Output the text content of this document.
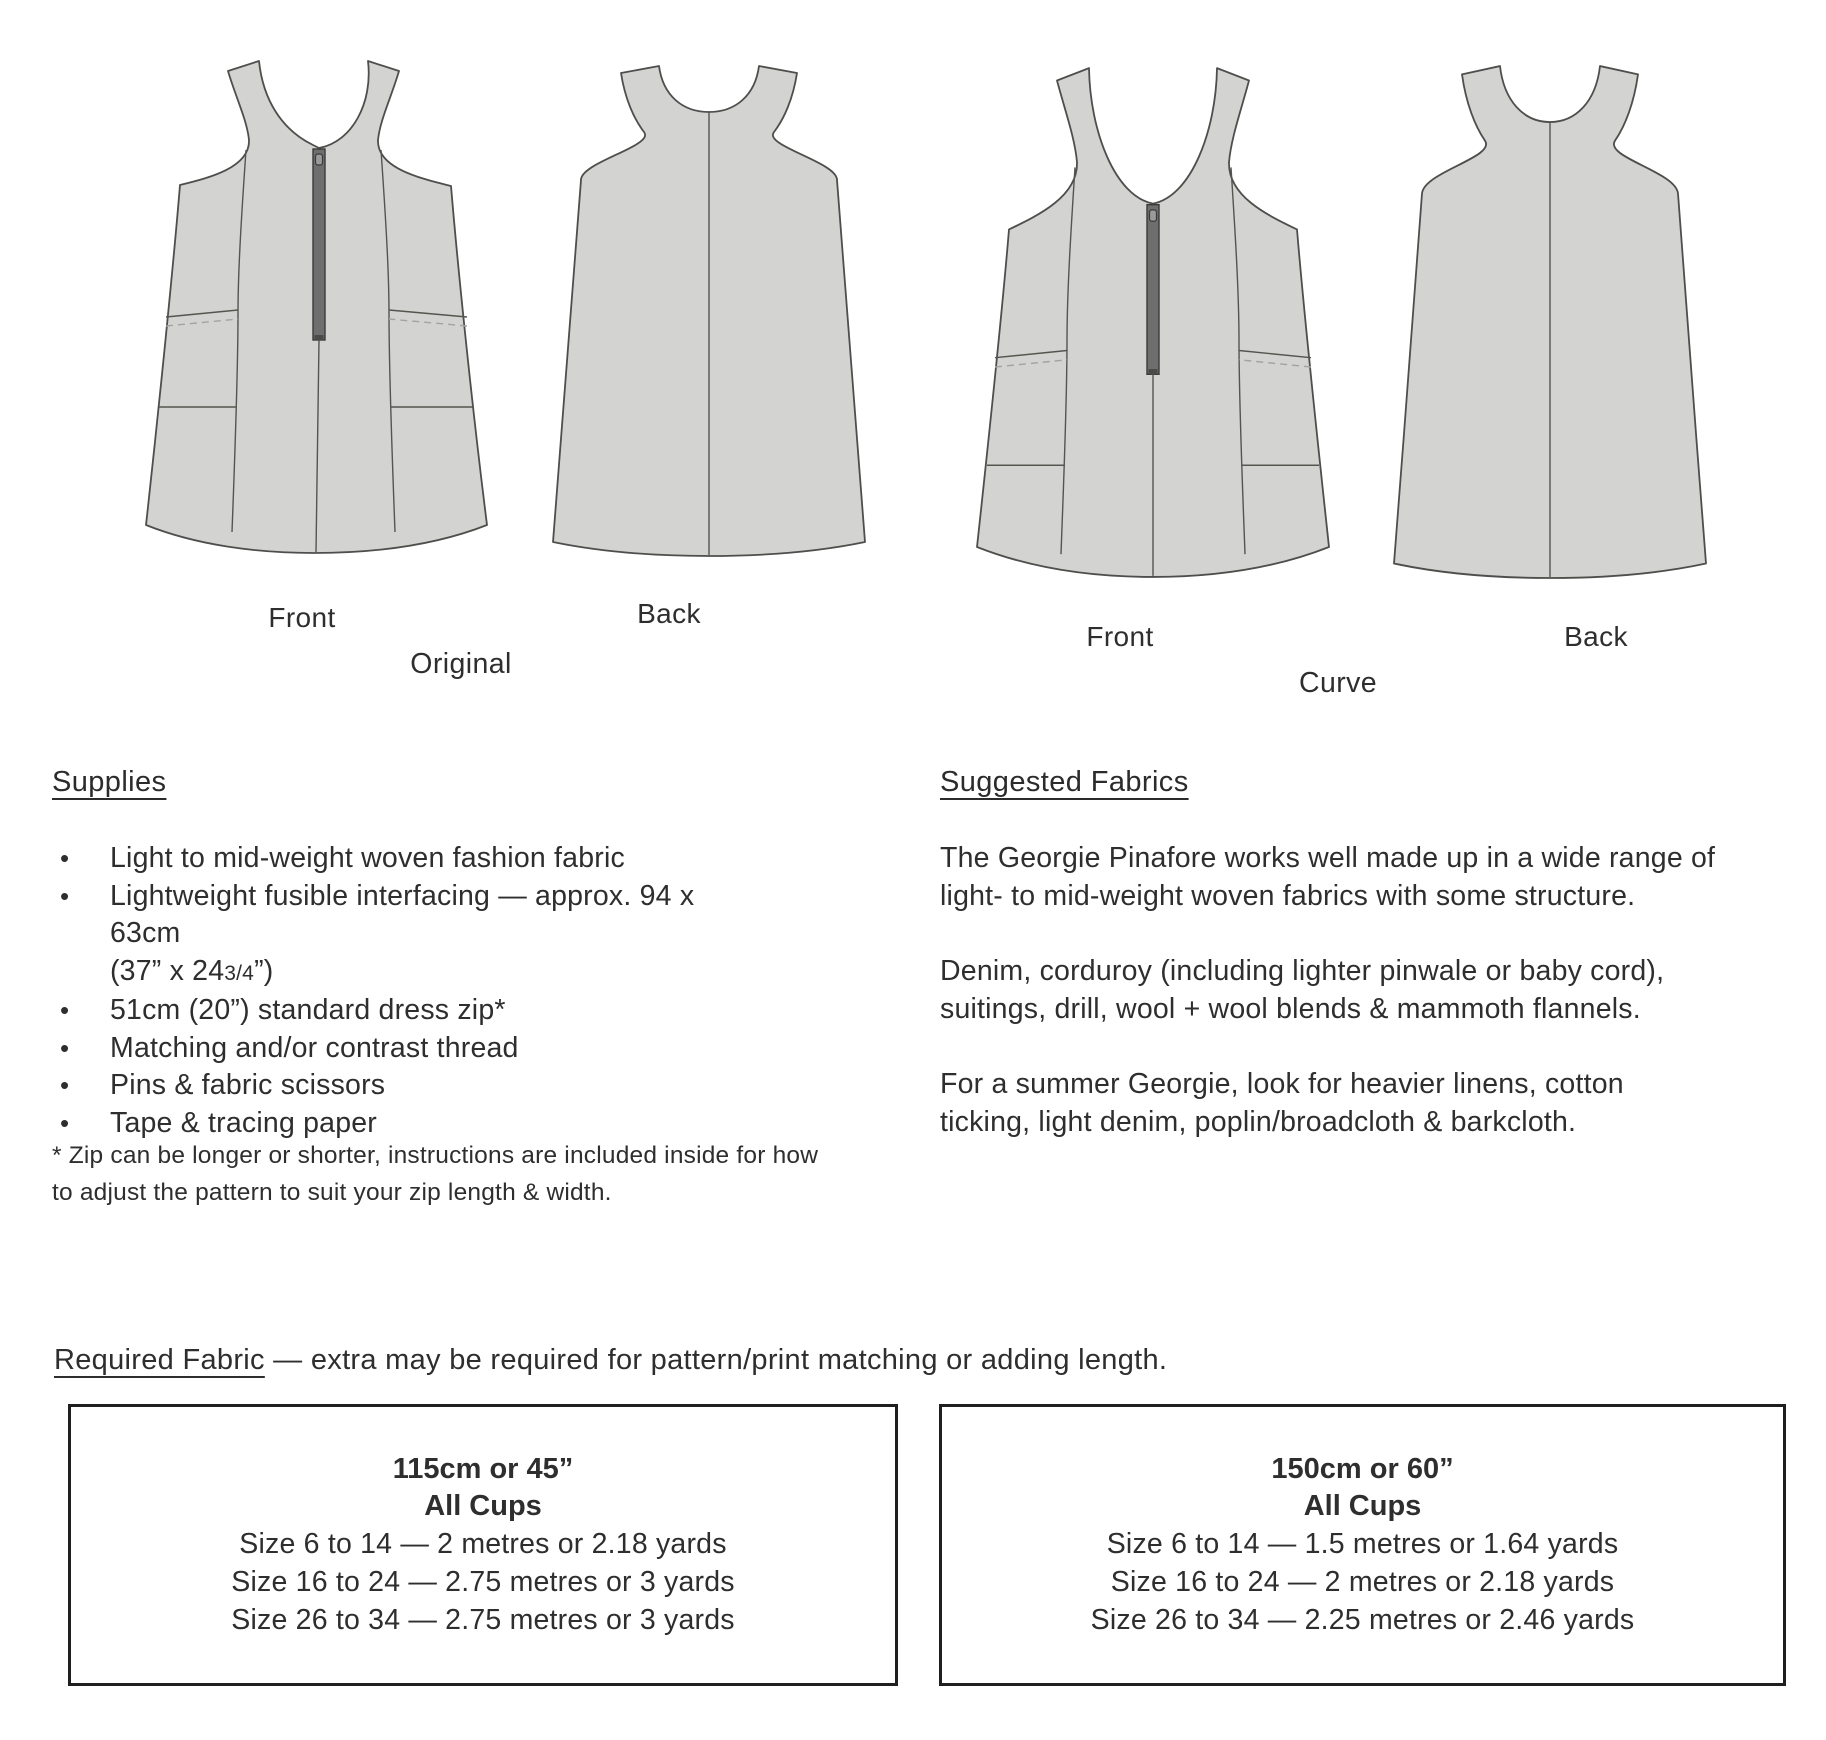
Front	Back
Original
Front	Back
Curve
Supplies
• Light to mid-weight woven fashion fabric
• Lightweight fusible interfacing — approx. 94 x 63cm
(37” x 243/4”)
• 51cm (20”) standard dress zip*
• Matching and/or contrast thread
• Pins & fabric scissors
• Tape & tracing paper
* Zip can be longer or shorter, instructions are included inside for how
to adjust the pattern to suit your zip length & width.
Suggested Fabrics

The Georgie Pinafore works well made up in a wide range of
light- to mid-weight woven fabrics with some structure.

Denim, corduroy (including lighter pinwale or baby cord),
suitings, drill, wool + wool blends & mammoth flannels.

For a summer Georgie, look for heavier linens, cotton
ticking, light denim, poplin/broadcloth & barkcloth.

Required Fabric — extra may be required for pattern/print matching or adding length.
115cm or 45”
All Cups
Size 6 to 14 — 2 metres or 2.18 yards
Size 16 to 24 — 2.75 metres or 3 yards
Size 26 to 34 — 2.75 metres or 3 yards
150cm or 60”
All Cups
Size 6 to 14 — 1.5 metres or 1.64 yards
Size 16 to 24 — 2 metres or 2.18 yards
Size 26 to 34 — 2.25 metres or 2.46 yards
